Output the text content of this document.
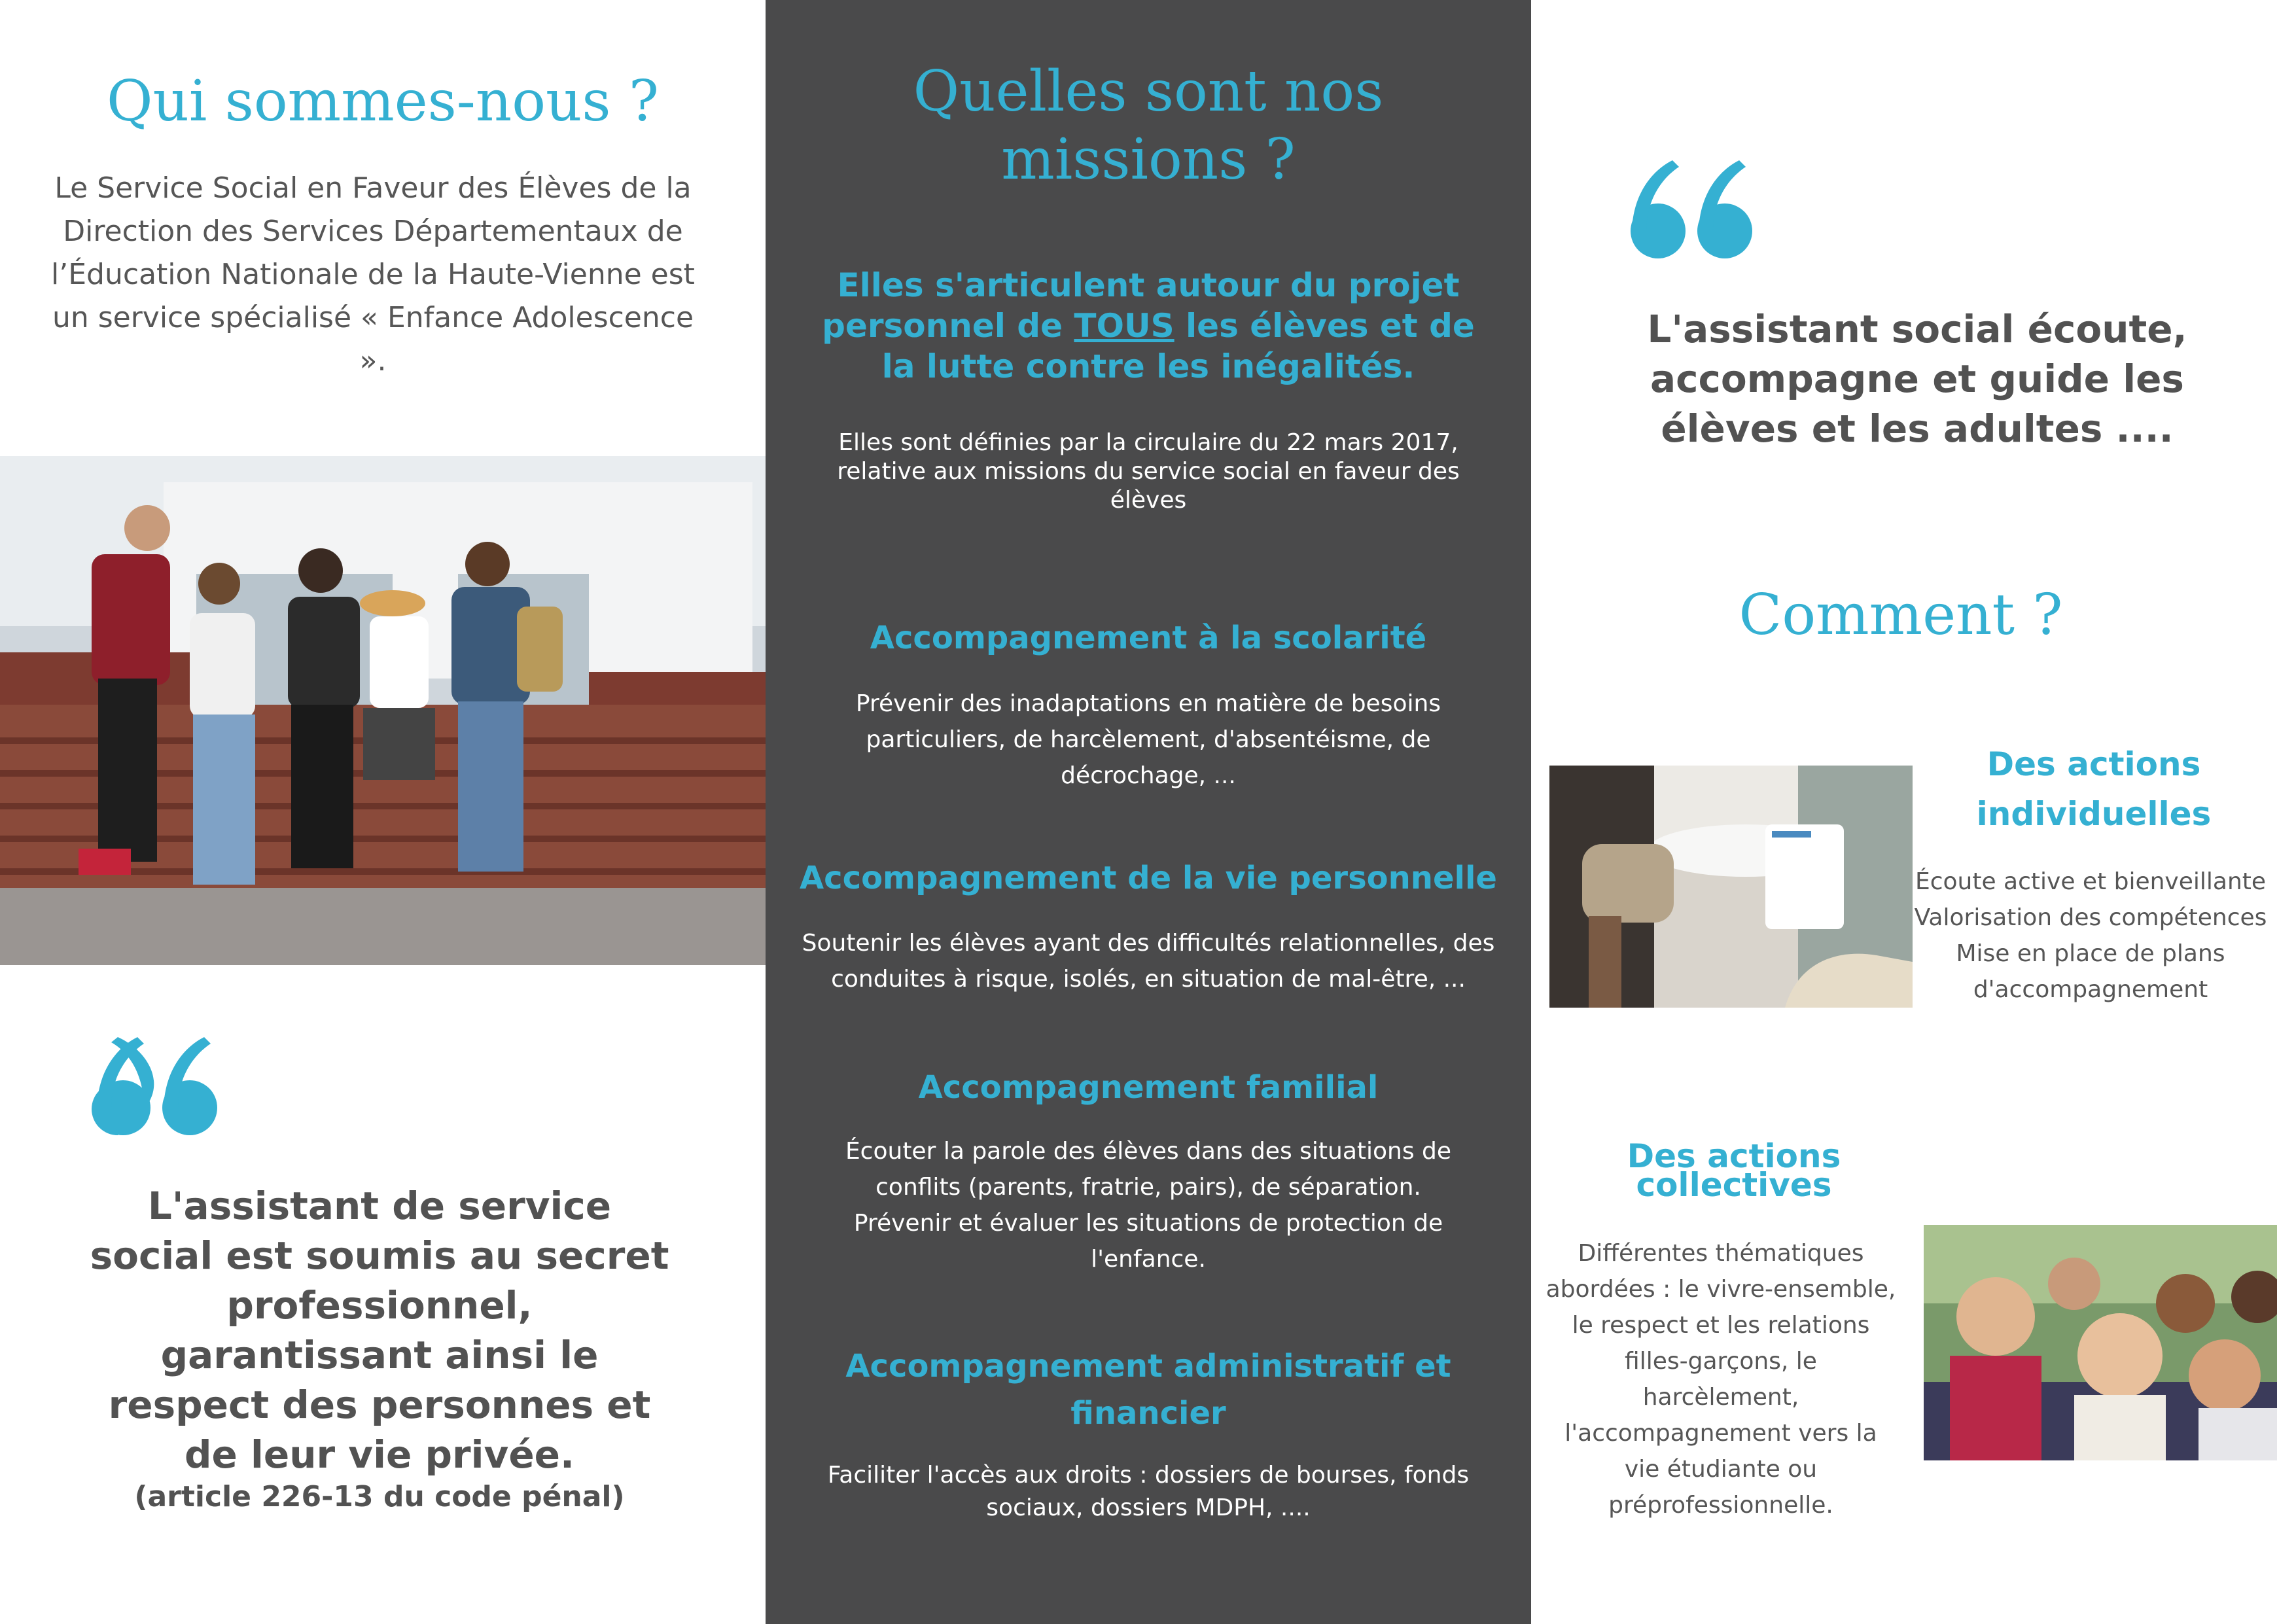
Qui sommes-nous ?

Le Service Social en Faveur des Élèves de la Direction des Services Départementaux de l’Éducation Nationale de la Haute-Vienne est un service spécialisé « Enfance Adolescence ».

L'assistant de service social est soumis au secret professionnel, garantissant ainsi le respect des personnes et de leur vie privée.

(article 226-13 du code pénal)

Quelles sont nos
missions ?

Elles s'articulent autour du projet personnel de TOUS les élèves et de la lutte contre les inégalités.

Elles sont définies par la circulaire du 22 mars 2017, relative aux missions du service social en faveur des élèves

Accompagnement à la scolarité

Prévenir des inadaptations en matière de besoins particuliers, de harcèlement, d'absentéisme, de décrochage, ...

Accompagnement de la vie personnelle

Soutenir les élèves ayant des difficultés relationnelles, des conduites à risque, isolés, en situation de mal-être, ...

Accompagnement familial

Écouter la parole des élèves dans des situations de conflits (parents, fratrie, pairs), de séparation. Prévenir et évaluer les situations de protection de l'enfance.

Accompagnement administratif et financier

Faciliter l'accès aux droits : dossiers de bourses, fonds sociaux, dossiers MDPH, ....

L'assistant social écoute, accompagne et guide les élèves et les adultes ....

Comment ?

Des actions individuelles

Écoute active et bienveillante Valorisation des compétences Mise en place de plans d'accompagnement

Des actions collectives

Différentes thématiques abordées : le vivre-ensemble, le respect et les relations filles-garçons, le harcèlement, l'accompagnement vers la vie étudiante ou préprofessionnelle.
